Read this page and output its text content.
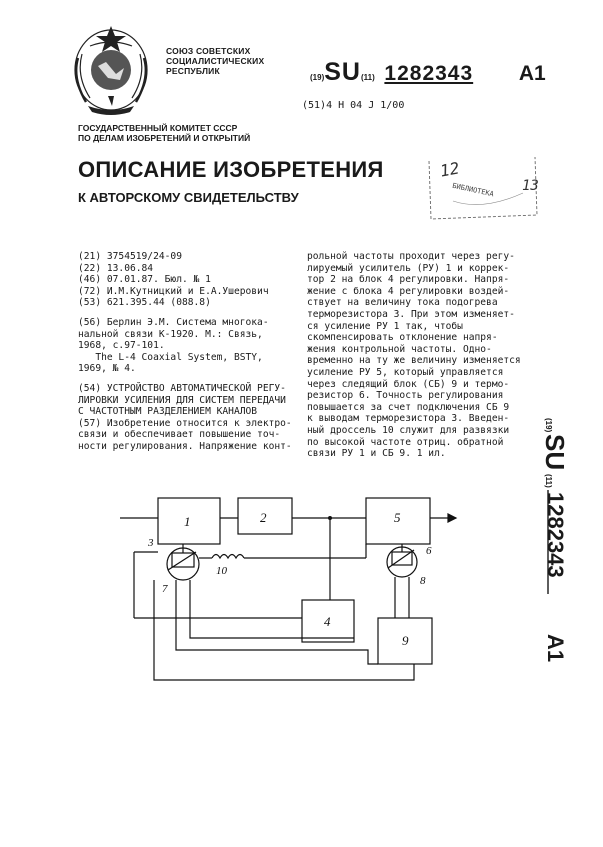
СОЮЗ СОВЕТСКИХ
СОЦИАЛИСТИЧЕСКИХ
РЕСПУБЛИК
(19)SU(11) 1282343 A1
(51)4 H 04 J 1/00
ГОСУДАРСТВЕННЫЙ КОМИТЕТ СССР
ПО ДЕЛАМ ИЗОБРЕТЕНИЙ И ОТКРЫТИЙ
ОПИСАНИЕ ИЗОБРЕТЕНИЯ
К АВТОРСКОМУ СВИДЕТЕЛЬСТВУ
12
БИБЛИОТЕКА 13
(21) 3754519/24-09
(22) 13.06.84
(46) 07.01.87. Бюл. № 1
(72) И.М.Кутницкий и Е.А.Ушерович
(53) 621.395.44 (088.8)
(56) Берлин Э.М. Система многока-
нальной связи К-1920. М.: Связь,
1968, с.97-101.
The L-4 Coaxial System, BSTY,
1969, № 4.
(54) УСТРОЙСТВО АВТОМАТИЧЕСКОЙ РЕГУ-
ЛИРОВКИ УСИЛЕНИЯ ДЛЯ СИСТЕМ ПЕРЕДАЧИ
С ЧАСТОТНЫМ РАЗДЕЛЕНИЕМ КАНАЛОВ
(57) Изобретение относится к электро-
связи и обеспечивает повышение точ-
ности регулирования. Напряжение конт-
рольной частоты проходит через регу-
лируемый усилитель (РУ) 1 и коррек-
тор 2 на блок 4 регулировки. Напря-
жение с блока 4 регулировки воздей-
ствует на величину тока подогрева
терморезистора 3. При этом изменяет-
ся усиление РУ 1 так, чтобы
скомпенсировать отклонение напря-
жения контрольной частоты. Одно-
временно на ту же величину изменяется
усиление РУ 5, который управляется
через следящий блок (СБ) 9 и термо-
резистор 6. Точность регулирования
повышается за счет подключения СБ 9
к выводам терморезистора 3. Введен-
ный дроссель 10 служит для развязки
по высокой частоте отриц. обратной
связи РУ 1 и СБ 9. 1 ил.
(19)
SU
(11)
1282343
A1
1	2	5
4
9
3
6
7
8
10
